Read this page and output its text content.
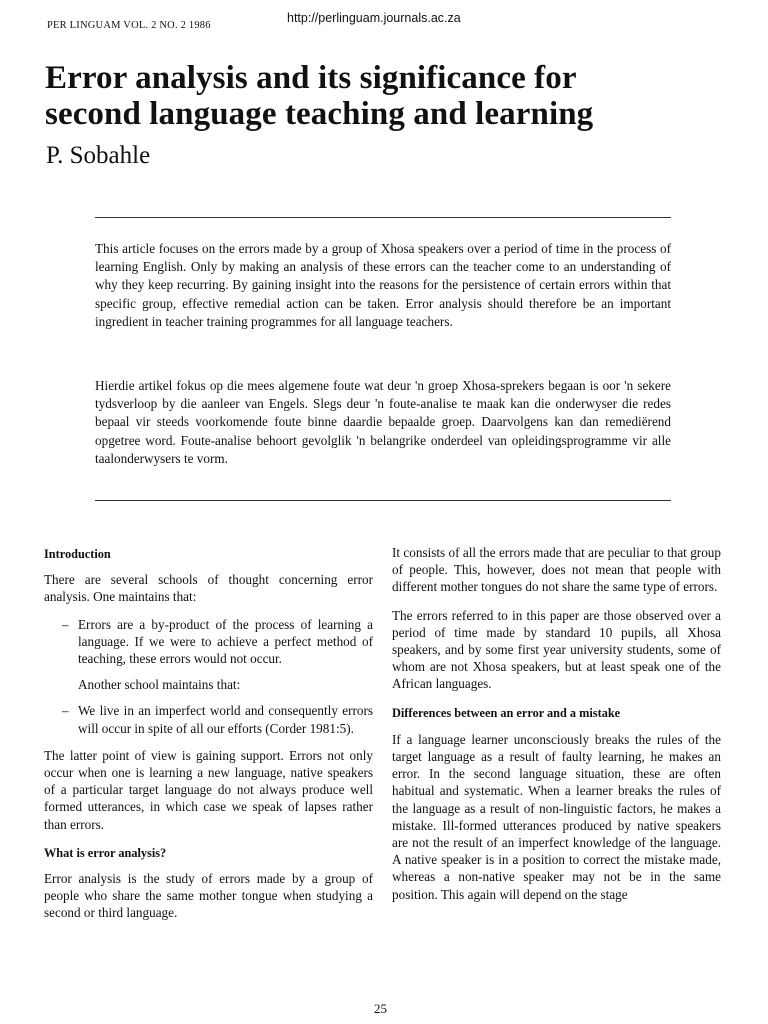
PER LINGUAM VOL. 2 NO. 2 1986
http://perlinguam.journals.ac.za
Error analysis and its significance for
second language teaching and learning
P. Sobahle
This article focuses on the errors made by a group of Xhosa speakers over a period of time in the process of learning English. Only by making an analysis of these errors can the teacher come to an understanding of why they keep recurring. By gaining insight into the reasons for the persistence of certain errors within that specific group, effective remedial action can be taken. Error analysis should therefore be an important ingredient in teacher training programmes for all language teachers.
Hierdie artikel fokus op die mees algemene foute wat deur 'n groep Xhosa-sprekers begaan is oor 'n sekere tydsverloop by die aanleer van Engels. Slegs deur 'n foute-analise te maak kan die onderwyser die redes bepaal vir steeds voorkomende foute binne daardie bepaalde groep. Daarvolgens kan dan remediërend opgetree word. Foute-analise behoort gevolglik 'n belangrike onderdeel van opleidingsprogramme vir alle taalonderwysers te vorm.

Introduction

There are several schools of thought concerning error analysis. One maintains that:

– Errors are a by-product of the process of learning a language. If we were to achieve a perfect method of teaching, these errors would not occur.

Another school maintains that:

– We live in an imperfect world and consequently errors will occur in spite of all our efforts (Corder 1981:5).

The latter point of view is gaining support. Errors not only occur when one is learning a new language, native speakers of a particular target language do not always produce well formed utterances, in which case we speak of lapses rather than errors.

What is error analysis?

Error analysis is the study of errors made by a group of people who share the same mother tongue when studying a second or third language.

It consists of all the errors made that are peculiar to that group of people. This, however, does not mean that people with different mother tongues do not share the same type of errors.

The errors referred to in this paper are those observed over a period of time made by standard 10 pupils, all Xhosa speakers, and by some first year university students, some of whom are not Xhosa speakers, but at least speak one of the African languages.

Differences between an error and a mistake

If a language learner unconsciously breaks the rules of the target language as a result of faulty learning, he makes an error. In the second language situation, these are often habitual and systematic. When a learner breaks the rules of the language as a result of non-linguistic factors, he makes a mistake. Ill-formed utterances produced by native speakers are not the result of an imperfect knowledge of the language. A native speaker is in a position to correct the mistake made, whereas a non-native speaker may not be in the same position. This again will depend on the stage

25
